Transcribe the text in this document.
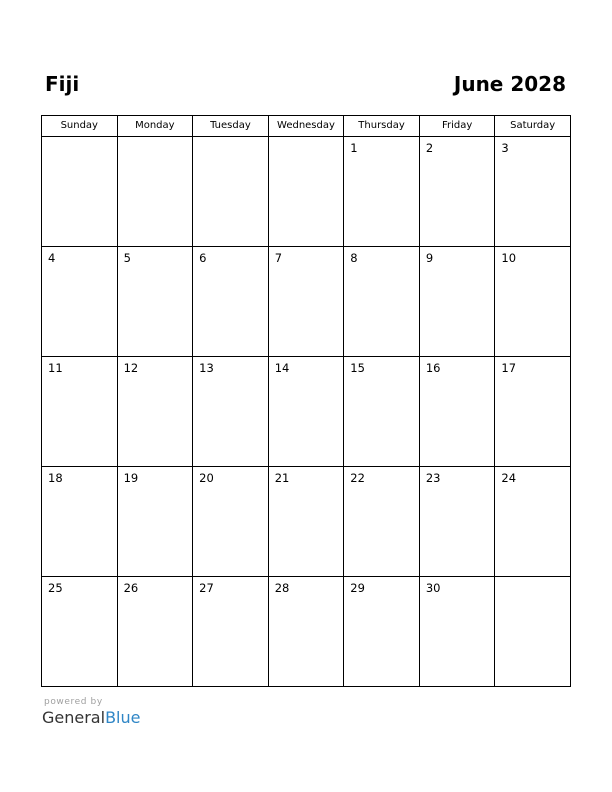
Fiji	June 2028
Sunday	Monday	Tuesday	Wednesday	Thursday	Friday	Saturday

				1	2	3

4	5	6	7	8	9	10

11	12	13	14	15	16	17

18	19	20	21	22	23	24

25	26	27	28	29	30	

powered by
GeneralBlue
